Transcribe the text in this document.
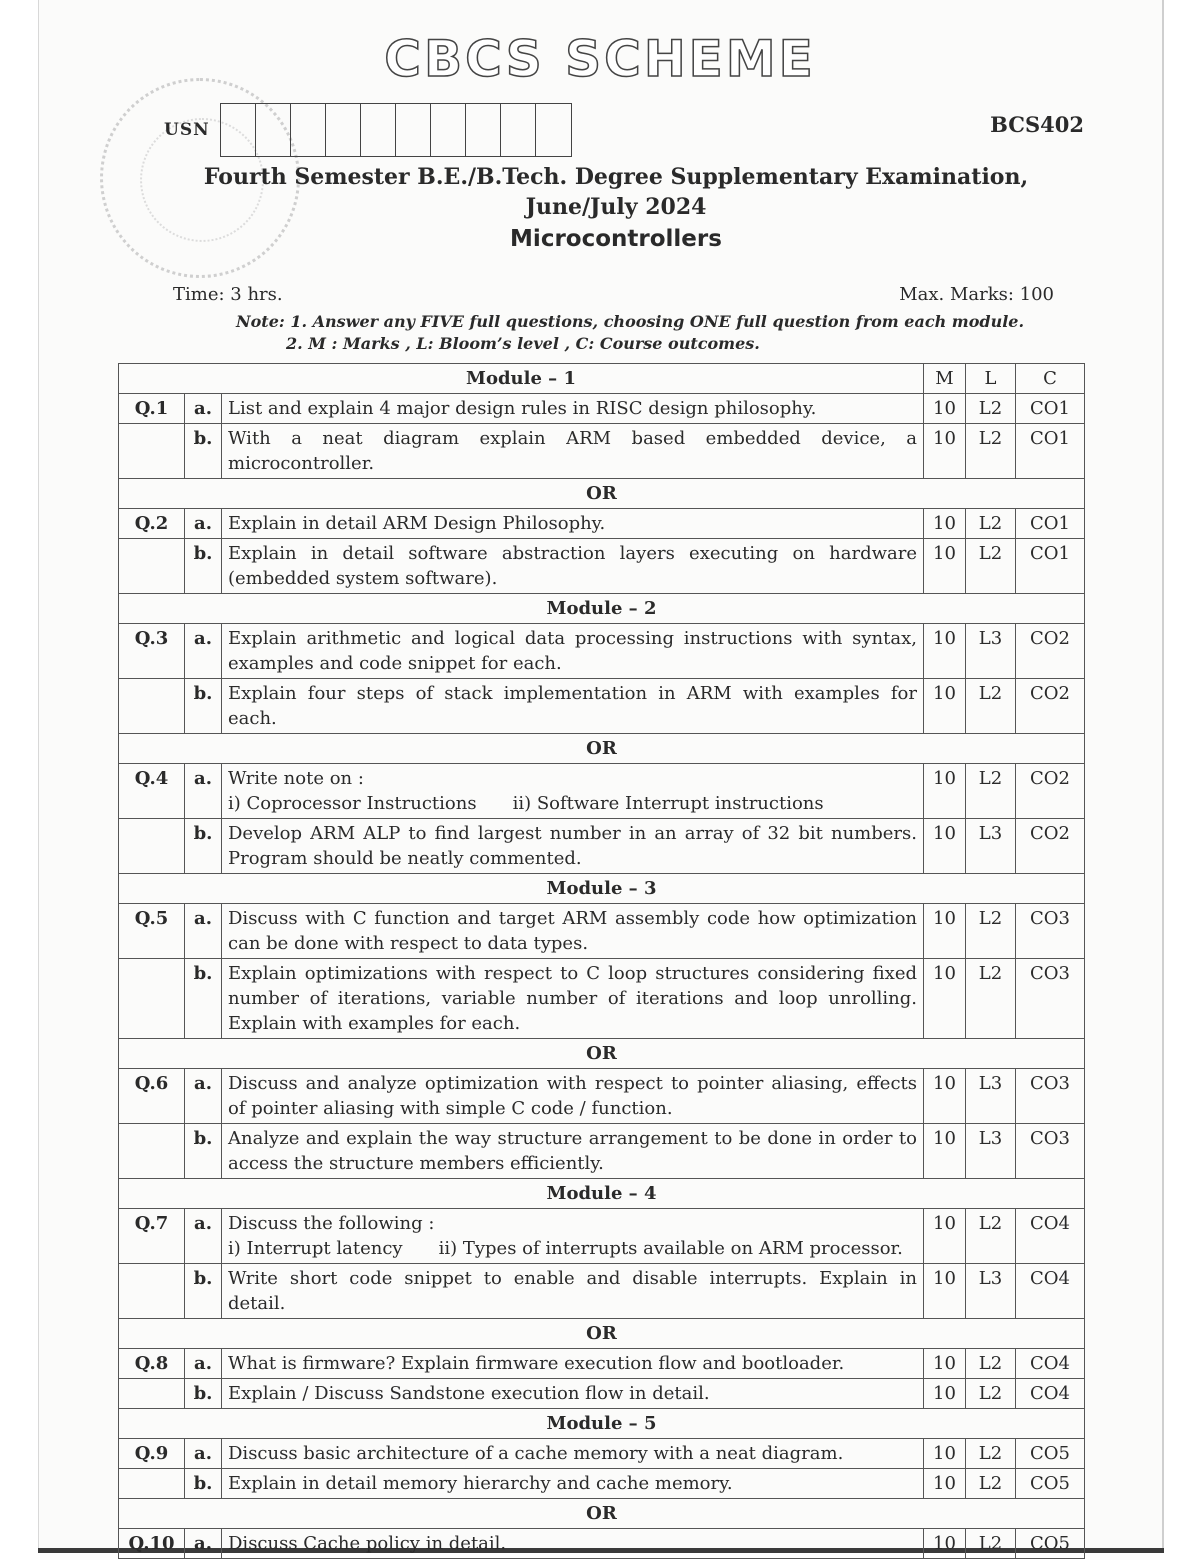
CBCS SCHEME
USN	BCS402
Fourth Semester B.E./B.Tech. Degree Supplementary Examination,
June/July 2024
Microcontrollers
Time: 3 hrs.	Max. Marks: 100
Note: 1. Answer any FIVE full questions, choosing ONE full question from each module.
2. M : Marks , L: Bloom’s level , C: Course outcomes.
Module – 1			M	L	C
Q.1	a.	List and explain 4 major design rules in RISC design philosophy.	10	L2	CO1
	b.	With a neat diagram explain ARM based embedded device, a microcontroller.	10	L2	CO1
OR					
Q.2	a.	Explain in detail ARM Design Philosophy.	10	L2	CO1
	b.	Explain in detail software abstraction layers executing on hardware (embedded system software).	10	L2	CO1
Module – 2					
Q.3	a.	Explain arithmetic and logical data processing instructions with syntax, examples and code snippet for each.	10	L3	CO2
	b.	Explain four steps of stack implementation in ARM with examples for each.	10	L2	CO2
OR					
Q.4	a.	Write note on :
i) Coprocessor Instructions ii) Software Interrupt instructions	10	L2	CO2
	b.	Develop ARM ALP to find largest number in an array of 32 bit numbers. Program should be neatly commented.	10	L3	CO2
Module – 3					
Q.5	a.	Discuss with C function and target ARM assembly code how optimization can be done with respect to data types.	10	L2	CO3
	b.	Explain optimizations with respect to C loop structures considering fixed number of iterations, variable number of iterations and loop unrolling. Explain with examples for each.	10	L2	CO3
OR					
Q.6	a.	Discuss and analyze optimization with respect to pointer aliasing, effects of pointer aliasing with simple C code / function.	10	L3	CO3
	b.	Analyze and explain the way structure arrangement to be done in order to access the structure members efficiently.	10	L3	CO3
Module – 4					
Q.7	a.	Discuss the following :
i) Interrupt latency ii) Types of interrupts available on ARM processor.	10	L2	CO4
	b.	Write short code snippet to enable and disable interrupts. Explain in detail.	10	L3	CO4
OR					
Q.8	a.	What is firmware? Explain firmware execution flow and bootloader.	10	L2	CO4
	b.	Explain / Discuss Sandstone execution flow in detail.	10	L2	CO4
Module – 5					
Q.9	a.	Discuss basic architecture of a cache memory with a neat diagram.	10	L2	CO5
	b.	Explain in detail memory hierarchy and cache memory.	10	L2	CO5
OR					
Q.10	a.	Discuss Cache policy in detail.	10	L2	CO5
